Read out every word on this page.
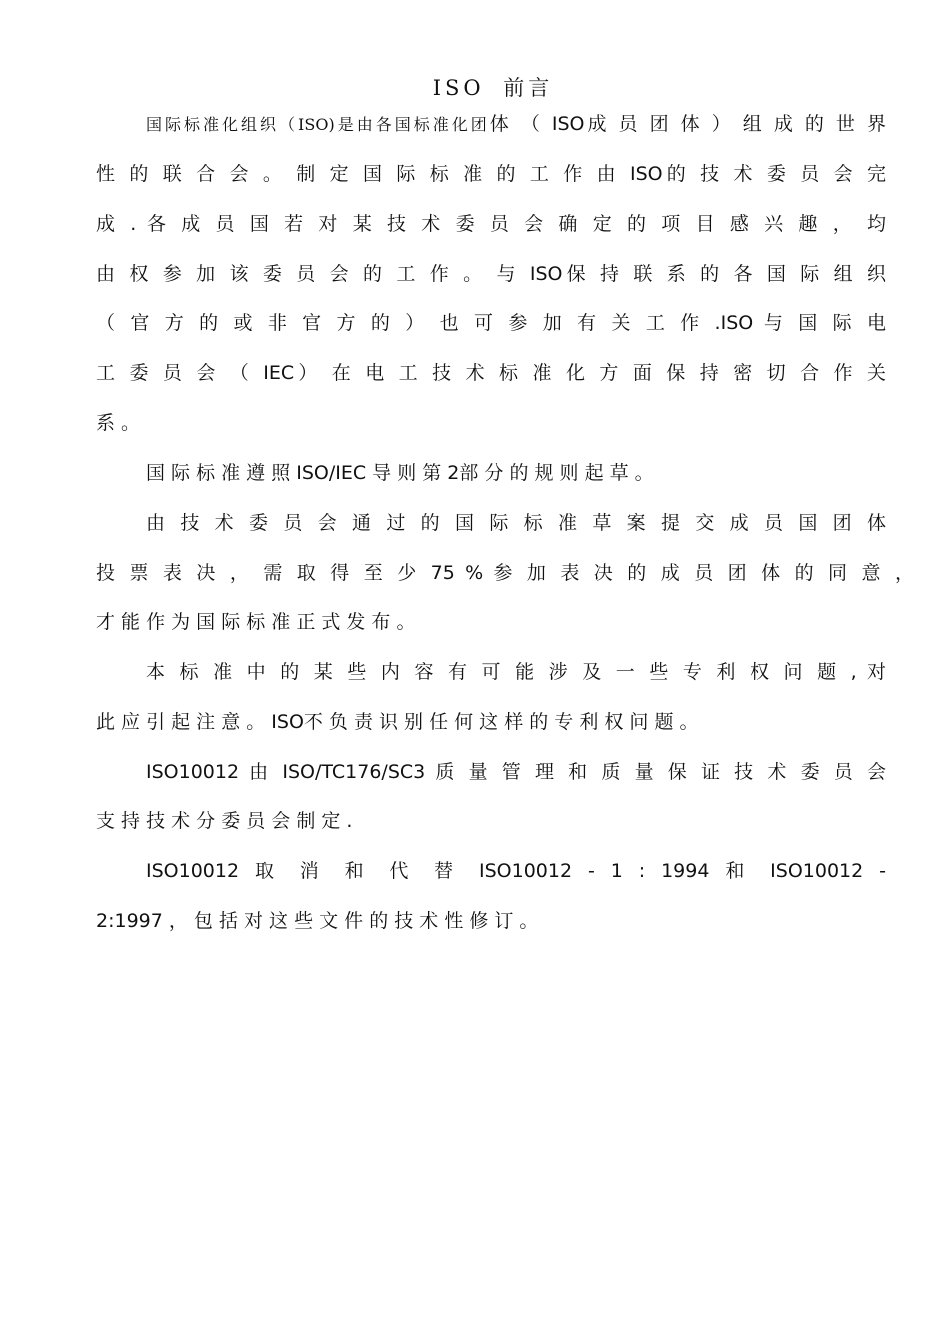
ISO 前言
国际标准化组织（ISO)是由各国标准化团体 （ ISO成 员 团 体 ） 组 成 的 世 界
性 的 联 合 会 。 制 定 国 际 标 准 的 工 作 由 ISO的 技 术 委 员 会 完
成 . 各 成 员 国 若 对 某 技 术 委 员 会 确 定 的 项 目 感 兴 趣 ， 均
由 权 参 加 该 委 员 会 的 工 作 。 与 ISO保 持 联 系 的 各 国 际 组 织
（ 官 方 的 或 非 官 方 的 ） 也 可 参 加 有 关 工 作 .ISO 与 国 际 电
工 委 员 会 （ IEC） 在 电 工 技 术 标 准 化 方 面 保 持 密 切 合 作 关
系 。
国 际 标 准 遵 照 ISO/IEC 导 则 第 2部 分 的 规 则 起 草 。
由 技 术 委 员 会 通 过 的 国 际 标 准 草 案 提 交 成 员 国 团 体
投 票 表 决 ， 需 取 得 至 少 75 % 参 加 表 决 的 成 员 团 体 的 同 意 ，
才 能 作 为 国 际 标 准 正 式 发 布 。
本 标 准 中 的 某 些 内 容 有 可 能 涉 及 一 些 专 利 权 问 题 , 对
此 应 引 起 注 意 。 ISO不 负 责 识 别 任 何 这 样 的 专 利 权 问 题 。
ISO10012 由 ISO/TC176/SC3 质 量 管 理 和 质 量 保 证 技 术 委 员 会
支 持 技 术 分 委 员 会 制 定 .
ISO10012 取 消 和 代 替 ISO10012 - 1 : 1994 和 ISO10012 -
2:1997 ， 包 括 对 这 些 文 件 的 技 术 性 修 订 。
